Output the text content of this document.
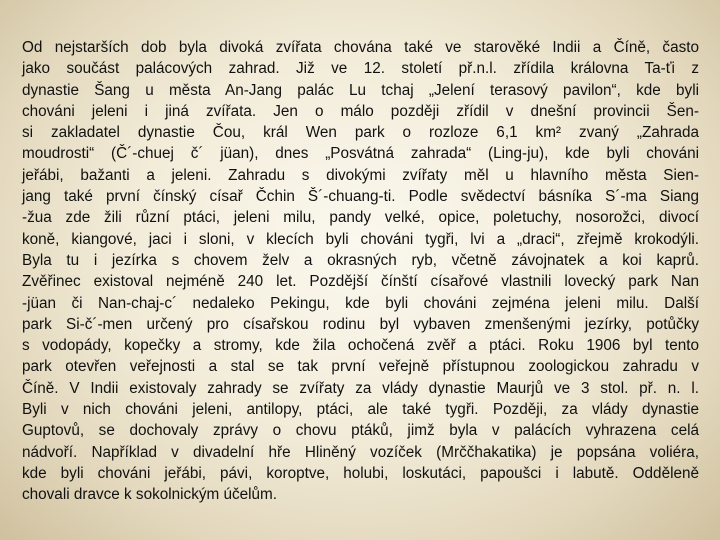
Od nejstarších dob byla divoká zvířata chována také ve starověké Indii a Číně, často
jako součást palácových zahrad. Již ve 12. století př.n.l. zřídila královna Ta-ťi z
dynastie Šang u města An-Jang palác Lu tchaj „Jelení terasový pavilon“, kde byli
chováni jeleni i jiná zvířata. Jen o málo později zřídil v dnešní provincii Šen-
si zakladatel dynastie Čou, král Wen park o rozloze 6,1 km² zvaný „Zahrada
moudrosti“ (Č´-chuej č´ jüan), dnes „Posvátná zahrada“ (Ling-ju), kde byli chováni
jeřábi, bažanti a jeleni. Zahradu s divokými zvířaty měl u hlavního města Sien-
jang také první čínský císař Čchin Š´-chuang-ti. Podle svědectví básníka S´-ma Siang
-žua zde žili různí ptáci, jeleni milu, pandy velké, opice, poletuchy, nosorožci, divocí
koně, kiangové, jaci i sloni, v klecích byli chováni tygři, lvi a „draci“, zřejmě krokodýli.
Byla tu i jezírka s chovem želv a okrasných ryb, včetně závojnatek a koi kaprů.
Zvěřinec existoval nejméně 240 let. Pozdější čínští císařové vlastnili lovecký park Nan
-jüan či Nan-chaj-c´ nedaleko Pekingu, kde byli chováni zejména jeleni milu. Další
park Si-č´-men určený pro císařskou rodinu byl vybaven zmenšenými jezírky, potůčky
s vodopády, kopečky a stromy, kde žila ochočená zvěř a ptáci. Roku 1906 byl tento
park otevřen veřejnosti a stal se tak první veřejně přístupnou zoologickou zahradu v
Číně. V Indii existovaly zahrady se zvířaty za vlády dynastie Maurjů ve 3 stol. př. n. l.
Byli v nich chováni jeleni, antilopy, ptáci, ale také tygři. Později, za vlády dynastie
Guptovů, se dochovaly zprávy o chovu ptáků, jimž byla v palácích vyhrazena celá
nádvoří. Například v divadelní hře Hliněný vozíček (Mrččhakatika) je popsána voliéra,
kde byli chováni jeřábi, pávi, koroptve, holubi, loskutáci, papoušci i labutě. Odděleně
chovali dravce k sokolnickým účelům.
